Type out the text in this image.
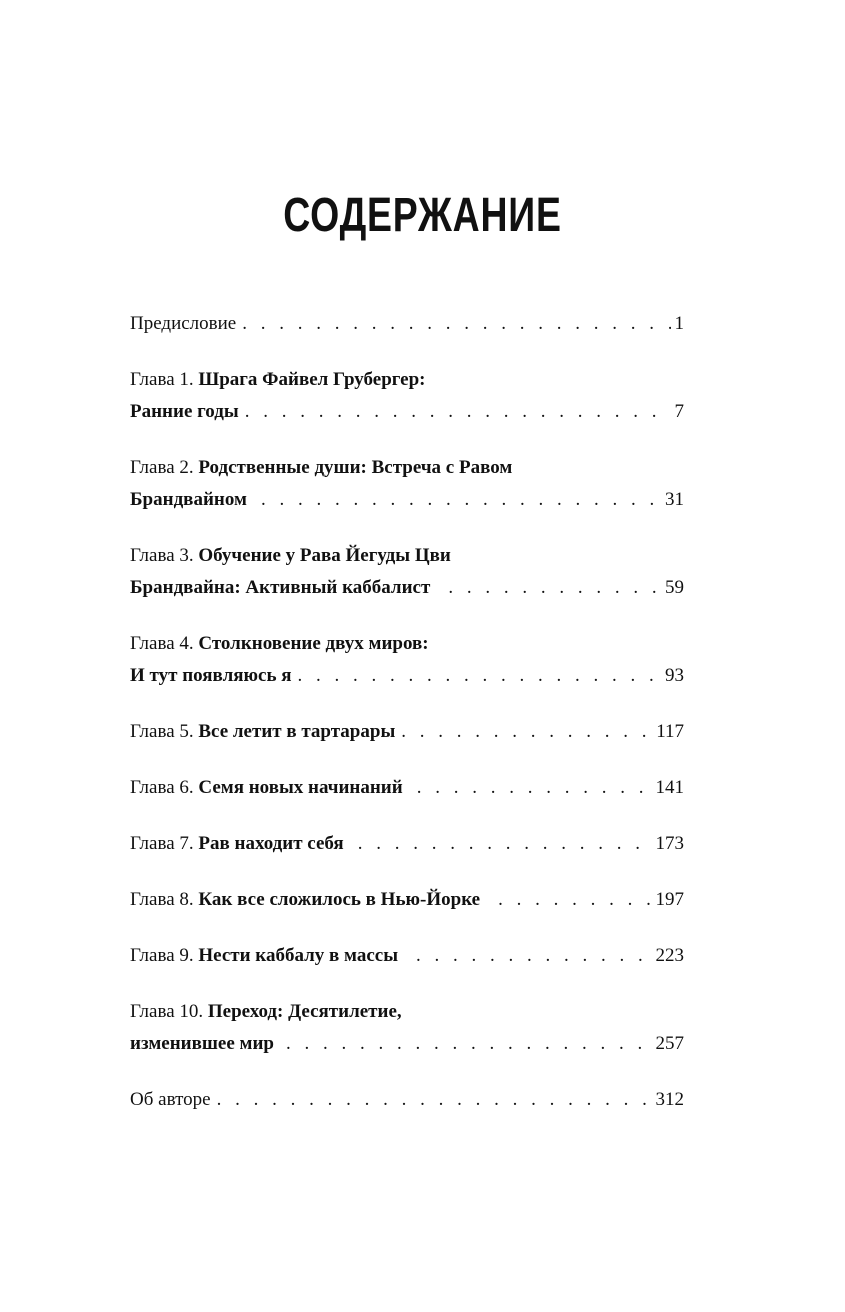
СОДЕРЖАНИЕ
Предисловие . . .	1
Глава 1.
Шрага Файвел Грубергер:
Ранние годы . . .	7
Глава 2.
Родственные души: Встреча с Равом
Брандвайном . . .	31
Глава 3.
Обучение у Рава Йегуды Цви
Брандвайна: Активный каббалист . . .	59
Глава 4.
Столкновение двух миров:
И тут появляюсь я . . .	93
Глава 5.
Все летит в тартарары . . .	117
Глава 6.
Семя новых начинаний . . .	141
Глава 7.
Рав находит себя . . .	173
Глава 8.
Как все сложилось в Нью-Йорке . . .	197
Глава 9.
Нести каббалу в массы . . .	223
Глава 10.
Переход: Десятилетие,
изменившее мир . . .	257
Об авторе . . .	312
